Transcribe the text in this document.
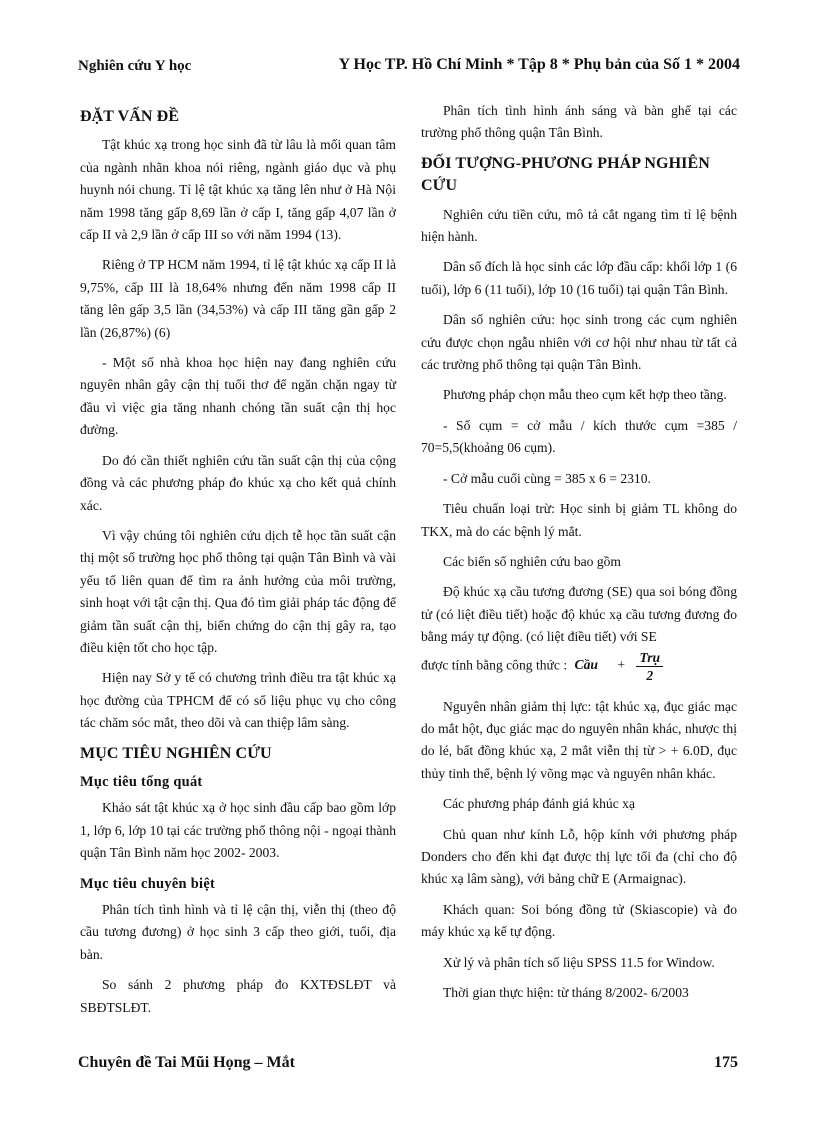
Nghiên cứu Y học	Y Học TP. Hồ Chí Minh * Tập 8 * Phụ bản của Số 1 * 2004
ĐẶT VẤN ĐỀ

Tật khúc xạ trong học sinh đã từ lâu là mối quan tâm của ngành nhãn khoa nói riêng, ngành giáo dục và phụ huynh nói chung. Tỉ lệ tật khúc xạ tăng lên như ở Hà Nội năm 1998 tăng gấp 8,69 lần ở cấp I, tăng gấp 4,07 lần ở cấp II và 2,9 lần ở cấp III so với năm 1994 (13).

Riêng ở TP HCM năm 1994, tỉ lệ tật khúc xạ cấp II là 9,75%, cấp III là 18,64% nhưng đến năm 1998 cấp II tăng lên gấp 3,5 lần (34,53%) và cấp III tăng gần gấp 2 lần (26,87%) (6)

- Một số nhà khoa học hiện nay đang nghiên cứu nguyên nhân gây cận thị tuổi thơ để ngăn chặn ngay từ đầu vì việc gia tăng nhanh chóng tần suất cận thị học đường.

Do đó cần thiết nghiên cứu tần suất cận thị của cộng đồng và các phương pháp đo khúc xạ cho kết quả chính xác.

Vì vậy chúng tôi nghiên cứu dịch tễ học tần suất cận thị một số trường học phổ thông tại quận Tân Bình và vài yếu tố liên quan để tìm ra ảnh hưởng của môi trường, sinh hoạt với tật cận thị. Qua đó tìm giải pháp tác động để giảm tần suất cận thị, biến chứng do cận thị gây ra, tạo điều kiện tốt cho học tập.

Hiện nay Sở y tế có chương trình điều tra tật khúc xạ học đường của TPHCM để có số liệu phục vụ cho công tác chăm sóc mắt, theo dõi và can thiệp lâm sàng.

MỤC TIÊU NGHIÊN CỨU
Mục tiêu tổng quát

Khảo sát tật khúc xạ ở học sinh đầu cấp bao gồm lớp 1, lớp 6, lớp 10 tại các trường phổ thông nội - ngoại thành quận Tân Bình năm học 2002- 2003.

Mục tiêu chuyên biệt

Phân tích tình hình và tỉ lệ cận thị, viễn thị (theo độ cầu tương đương) ở học sinh 3 cấp theo giới, tuổi, địa bàn.

So sánh 2 phương pháp đo KXTĐSLĐT và SBĐTSLĐT.

Phân tích tình hình ánh sáng và bàn ghế tại các trường phổ thông quận Tân Bình.

ĐỐI TƯỢNG-PHƯƠNG PHÁP NGHIÊN CỨU

Nghiên cứu tiền cứu, mô tả cắt ngang tìm tỉ lệ bệnh hiện hành.

Dân số đích là học sinh các lớp đầu cấp: khối lớp 1 (6 tuổi), lớp 6 (11 tuổi), lớp 10 (16 tuổi) tại quận Tân Bình.

Dân số nghiên cứu: học sinh trong các cụm nghiên cứu được chọn ngẫu nhiên với cơ hội như nhau từ tất cả các trường phổ thông tại quận Tân Bình.

Phương pháp chọn mẫu theo cụm kết hợp theo tầng.

- Số cụm = cở mẫu / kích thước cụm =385 / 70=5,5(khoảng 06 cụm).

- Cở mẫu cuối cùng = 385 x 6 = 2310.

Tiêu chuẩn loại trừ: Học sinh bị giảm TL không do TKX, mà do các bệnh lý mắt.

Các biến số nghiên cứu bao gồm

Độ khúc xạ cầu tương đương (SE) qua soi bóng đồng tử (có liệt điều tiết) hoặc độ khúc xạ cầu tương đương đo bằng máy tự động. (có liệt điều tiết) với SE

được tính bằng công thức : Cầu + $\frac{\text{Trụ}}{2}$

Nguyên nhân giảm thị lực: tật khúc xạ, đục giác mạc do mắt hột, đục giác mạc do nguyên nhân khác, nhược thị do lé, bất đồng khúc xạ, 2 mắt viễn thị từ > + 6.0D, đục thủy tinh thể, bệnh lý võng mạc và nguyên nhân khác.

Các phương pháp đánh giá khúc xạ

Chủ quan như kính Lỗ, hộp kính với phương pháp Donders cho đến khi đạt được thị lực tối đa (chỉ cho độ khúc xạ lâm sàng), với bảng chữ E (Armaignac).

Khách quan: Soi bóng đồng tử (Skiascopie) và đo máy khúc xạ kế tự động.

Xử lý và phân tích số liệu SPSS 11.5 for Window.

Thời gian thực hiện: từ tháng 8/2002- 6/2003

Chuyên đề Tai Mũi Họng – Mắt	175
